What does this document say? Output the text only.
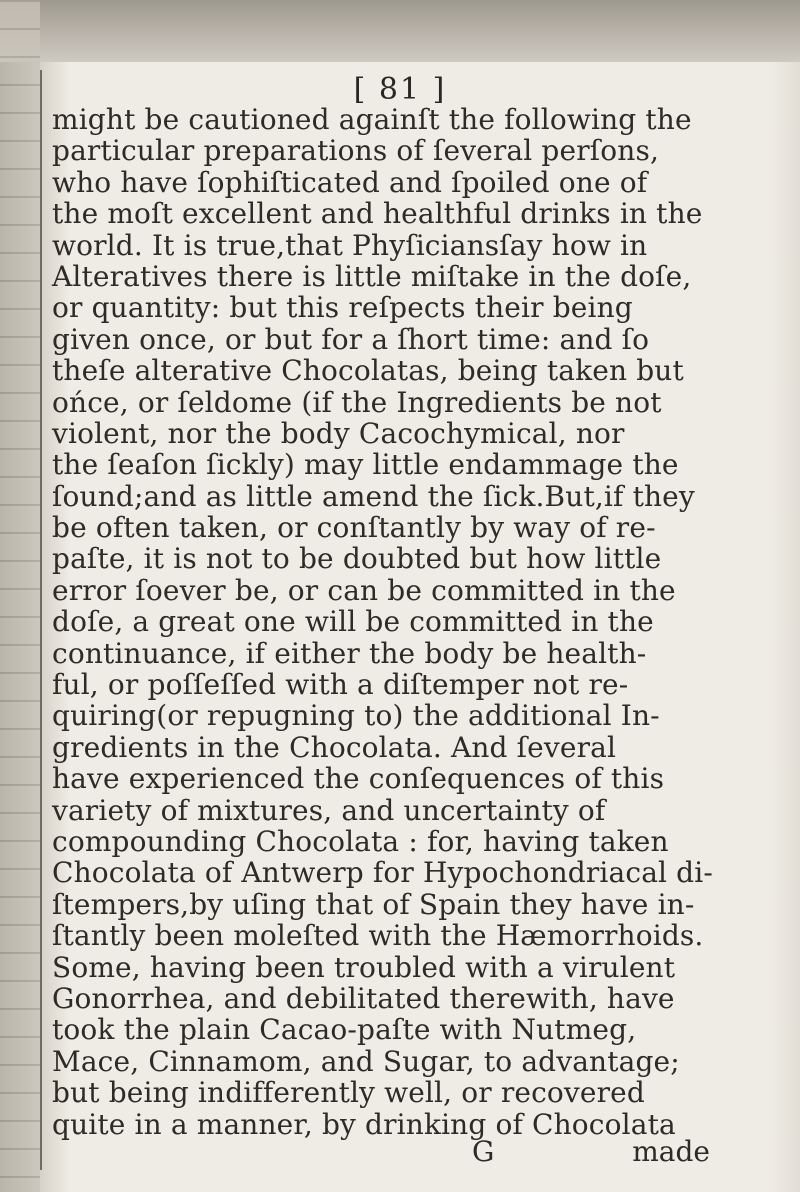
[ 81 ]
might be cautioned againſt the following the
particular preparations of ſeveral perſons,
who have ſophiſticated and ſpoiled one of
the moſt excellent and healthful drinks in the
world. It is true,that Phyſiciansſay how in
Alteratives there is little miſtake in the doſe,
or quantity: but this reſpects their being
given once, or but for a ſhort time: and ſo
theſe alterative Chocolatas, being taken but
ońce, or ſeldome (if the Ingredients be not
violent, nor the body Cacochymical, nor
the ſeaſon ſickly) may little endammage the
ſound;and as little amend the ſick.But,if they
be often taken, or conſtantly by way of re-
paſte, it is not to be doubted but how little
error ſoever be, or can be committed in the
doſe, a great one will be committed in the
continuance, if either the body be health-
ful, or poſſeſſed with a diſtemper not re-
quiring(or repugning to) the additional In-
gredients in the Chocolata. And ſeveral
have experienced the conſequences of this
variety of mixtures, and uncertainty of
compounding Chocolata : for, having taken
Chocolata of Antwerp for Hypochondriacal di-
ſtempers,by uſing that of Spain they have in-
ſtantly been moleſted with the Hæmorrhoids.
Some, having been troubled with a virulent
Gonorrhea, and debilitated therewith, have
took the plain Cacao-paſte with Nutmeg,
Mace, Cinnamom, and Sugar, to advantage;
but being indifferently well, or recovered
quite in a manner, by drinking of Chocolata
G	made
